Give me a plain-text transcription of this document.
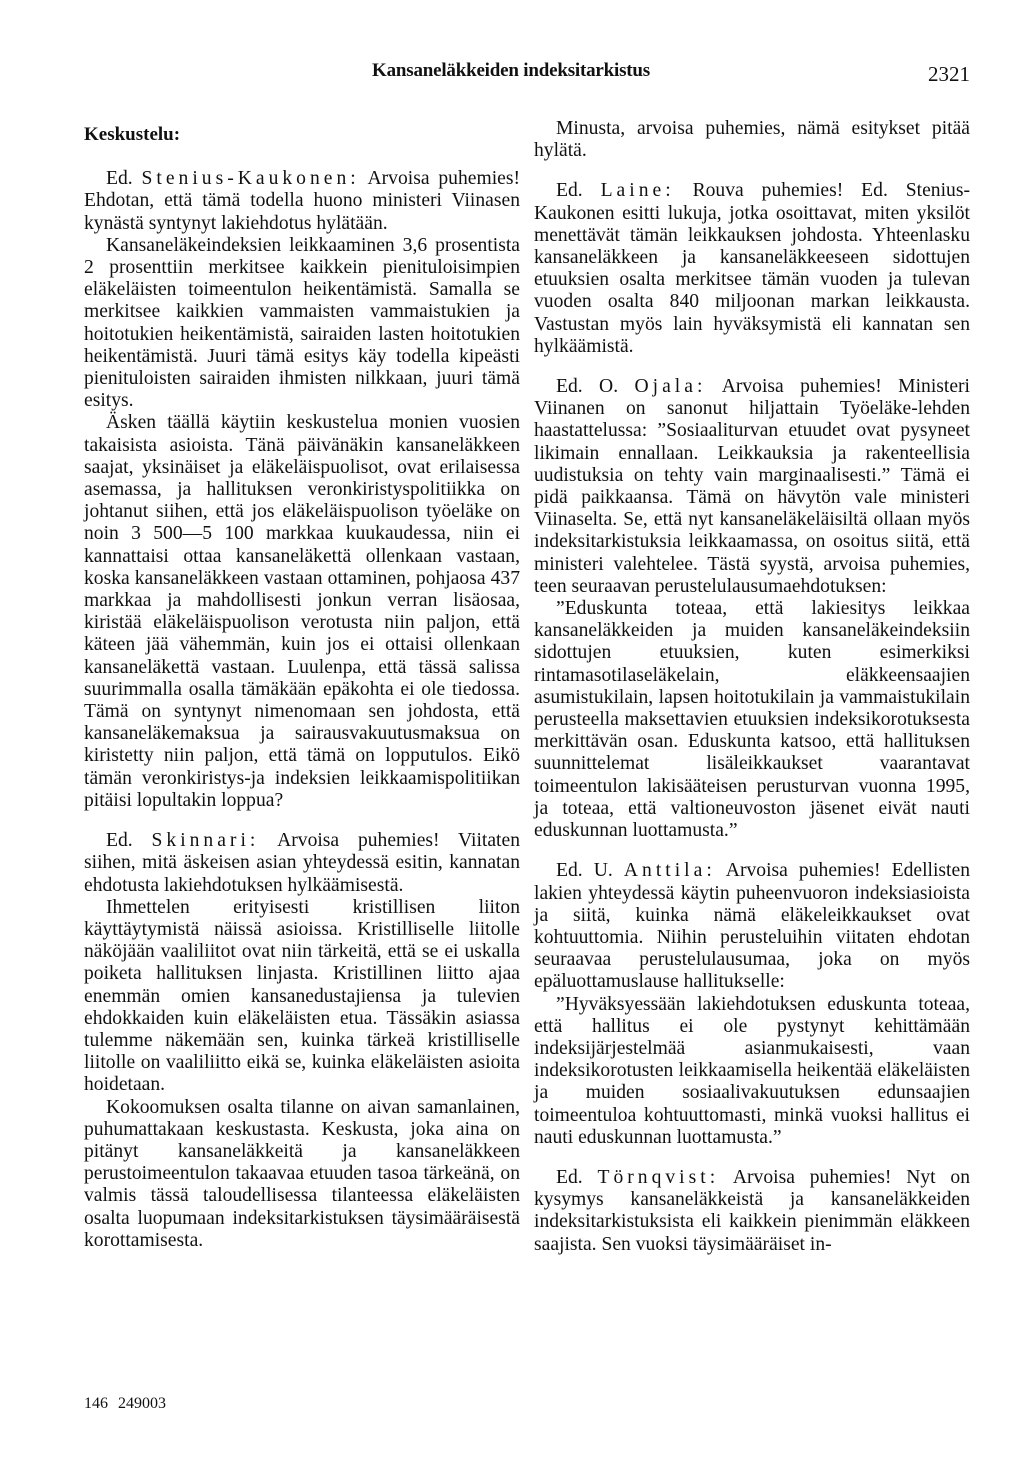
Kansaneläkkeiden indeksitarkistus	2321
Keskustelu:

Ed. Stenius-Kaukonen: Arvoisa puhemies! Ehdotan, että tämä todella huono ministeri Viinasen kynästä syntynyt lakiehdotus hylätään.

Kansaneläkeindeksien leikkaaminen 3,6 prosentista 2 prosenttiin merkitsee kaikkein pienituloisimpien eläkeläisten toimeentulon heikentämistä. Samalla se merkitsee kaikkien vammaisten vammaistukien ja hoitotukien heikentämistä, sairaiden lasten hoitotukien heikentämistä. Juuri tämä esitys käy todella kipeästi pienituloisten sairaiden ihmisten nilkkaan, juuri tämä esitys.

Äsken täällä käytiin keskustelua monien vuosien takaisista asioista. Tänä päivänäkin kansaneläkkeen saajat, yksinäiset ja eläkeläispuolisot, ovat erilaisessa asemassa, ja hallituksen veronkiristyspolitiikka on johtanut siihen, että jos eläkeläispuolison työeläke on noin 3 500—5 100 markkaa kuukaudessa, niin ei kannattaisi ottaa kansaneläkettä ollenkaan vastaan, koska kansaneläkkeen vastaan ottaminen, pohjaosa 437 markkaa ja mahdollisesti jonkun verran lisäosaa, kiristää eläkeläispuolison verotusta niin paljon, että käteen jää vähemmän, kuin jos ei ottaisi ollenkaan kansaneläkettä vastaan. Luulenpa, että tässä salissa suurimmalla osalla tämäkään epäkohta ei ole tiedossa. Tämä on syntynyt nimenomaan sen johdosta, että kansaneläkemaksua ja sairausvakuutusmaksua on kiristetty niin paljon, että tämä on lopputulos. Eikö tämän veronkiristys-ja indeksien leikkaamispolitiikan pitäisi lopultakin loppua?

Ed. Skinnari: Arvoisa puhemies! Viitaten siihen, mitä äskeisen asian yhteydessä esitin, kannatan ehdotusta lakiehdotuksen hylkäämisestä.

Ihmettelen erityisesti kristillisen liiton käyttäytymistä näissä asioissa. Kristilliselle liitolle näköjään vaaliliitot ovat niin tärkeitä, että se ei uskalla poiketa hallituksen linjasta. Kristillinen liitto ajaa enemmän omien kansanedustajiensa ja tulevien ehdokkaiden kuin eläkeläisten etua. Tässäkin asiassa tulemme näkemään sen, kuinka tärkeä kristilliselle liitolle on vaaliliitto eikä se, kuinka eläkeläisten asioita hoidetaan.

Kokoomuksen osalta tilanne on aivan samanlainen, puhumattakaan keskustasta. Keskusta, joka aina on pitänyt kansaneläkkeitä ja kansaneläkkeen perustoimeentulon takaavaa etuuden tasoa tärkeänä, on valmis tässä taloudellisessa tilanteessa eläkeläisten osalta luopumaan indeksitarkistuksen täysimääräisestä korottamisesta.

Minusta, arvoisa puhemies, nämä esitykset pitää hylätä.

Ed. Laine: Rouva puhemies! Ed. Stenius-Kaukonen esitti lukuja, jotka osoittavat, miten yksilöt menettävät tämän leikkauksen johdosta. Yhteenlasku kansaneläkkeen ja kansaneläkkeeseen sidottujen etuuksien osalta merkitsee tämän vuoden ja tulevan vuoden osalta 840 miljoonan markan leikkausta. Vastustan myös lain hyväksymistä eli kannatan sen hylkäämistä.

Ed. O. Ojala: Arvoisa puhemies! Ministeri Viinanen on sanonut hiljattain Työeläke-lehden haastattelussa: ”Sosiaaliturvan etuudet ovat pysyneet likimain ennallaan. Leikkauksia ja rakenteellisia uudistuksia on tehty vain marginaalisesti.” Tämä ei pidä paikkaansa. Tämä on hävytön vale ministeri Viinaselta. Se, että nyt kansaneläkeläisiltä ollaan myös indeksitarkistuksia leikkaamassa, on osoitus siitä, että ministeri valehtelee. Tästä syystä, arvoisa puhemies, teen seuraavan perustelulausumaehdotuksen:

”Eduskunta toteaa, että lakiesitys leikkaa kansaneläkkeiden ja muiden kansaneläkeindeksiin sidottujen etuuksien, kuten esimerkiksi rintamasotilaseläkelain, eläkkeensaajien asumistukilain, lapsen hoitotukilain ja vammaistukilain perusteella maksettavien etuuksien indeksikorotuksesta merkittävän osan. Eduskunta katsoo, että hallituksen suunnittelemat lisäleikkaukset vaarantavat toimeentulon lakisääteisen perusturvan vuonna 1995, ja toteaa, että valtioneuvoston jäsenet eivät nauti eduskunnan luottamusta.”

Ed. U. Anttila: Arvoisa puhemies! Edellisten lakien yhteydessä käytin puheenvuoron indeksiasioista ja siitä, kuinka nämä eläkeleikkaukset ovat kohtuuttomia. Niihin perusteluihin viitaten ehdotan seuraavaa perustelulausumaa, joka on myös epäluottamuslause hallitukselle:

”Hyväksyessään lakiehdotuksen eduskunta toteaa, että hallitus ei ole pystynyt kehittämään indeksijärjestelmää asianmukaisesti, vaan indeksikorotusten leikkaamisella heikentää eläkeläisten ja muiden sosiaalivakuutuksen edunsaajien toimeentuloa kohtuuttomasti, minkä vuoksi hallitus ei nauti eduskunnan luottamusta.”

Ed. Törnqvist: Arvoisa puhemies! Nyt on kysymys kansaneläkkeistä ja kansaneläkkeiden indeksitarkistuksista eli kaikkein pienimmän eläkkeen saajista. Sen vuoksi täysimääräiset in-

146 249003
